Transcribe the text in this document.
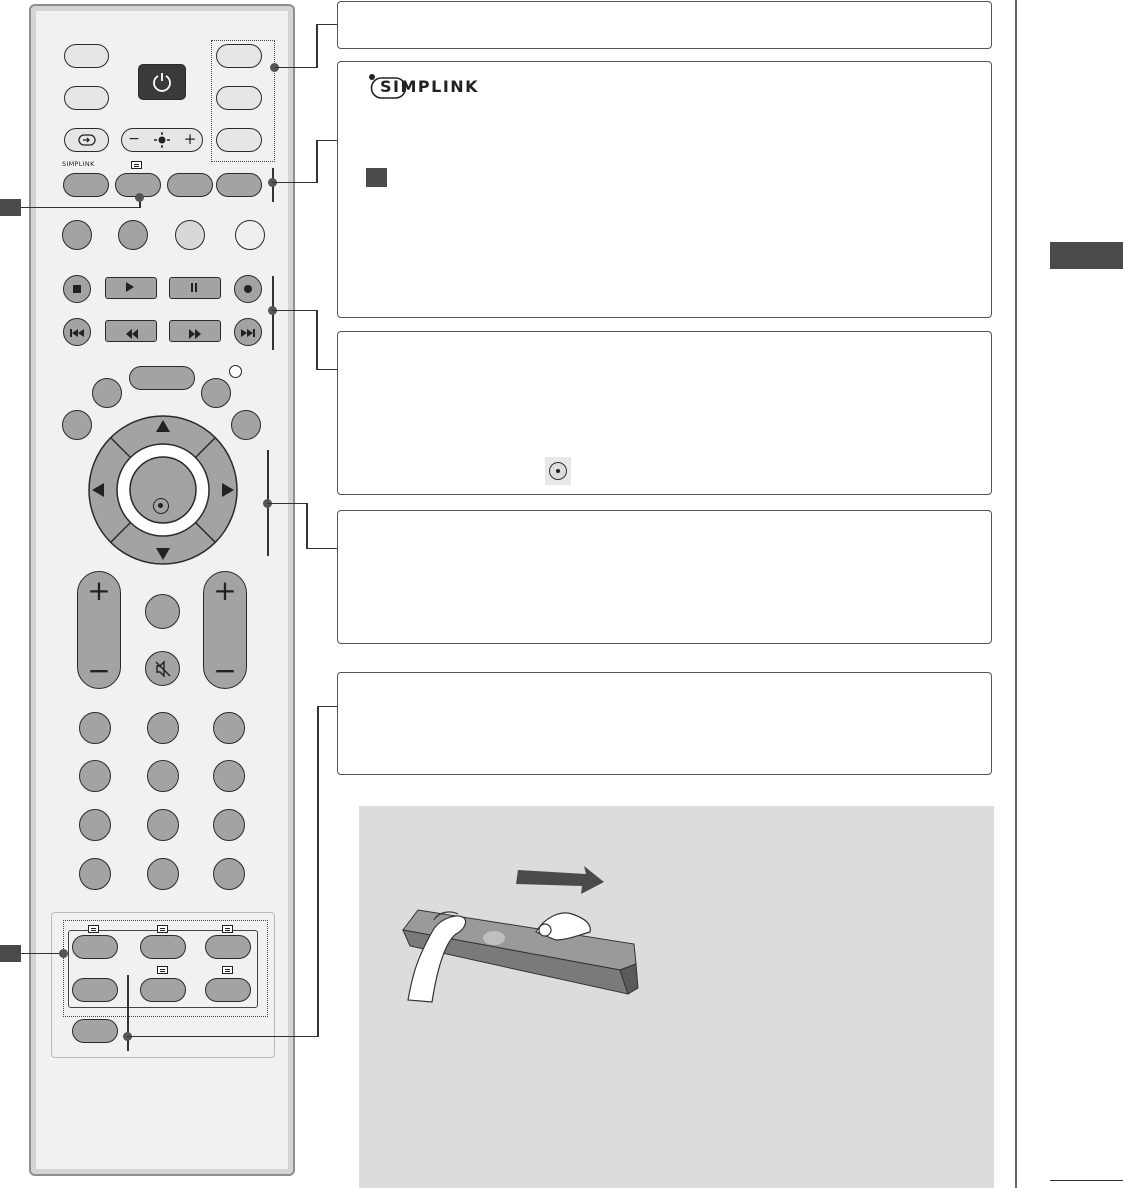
−	+
SIMPLINK
+
−
+
−
SIMPLINK
